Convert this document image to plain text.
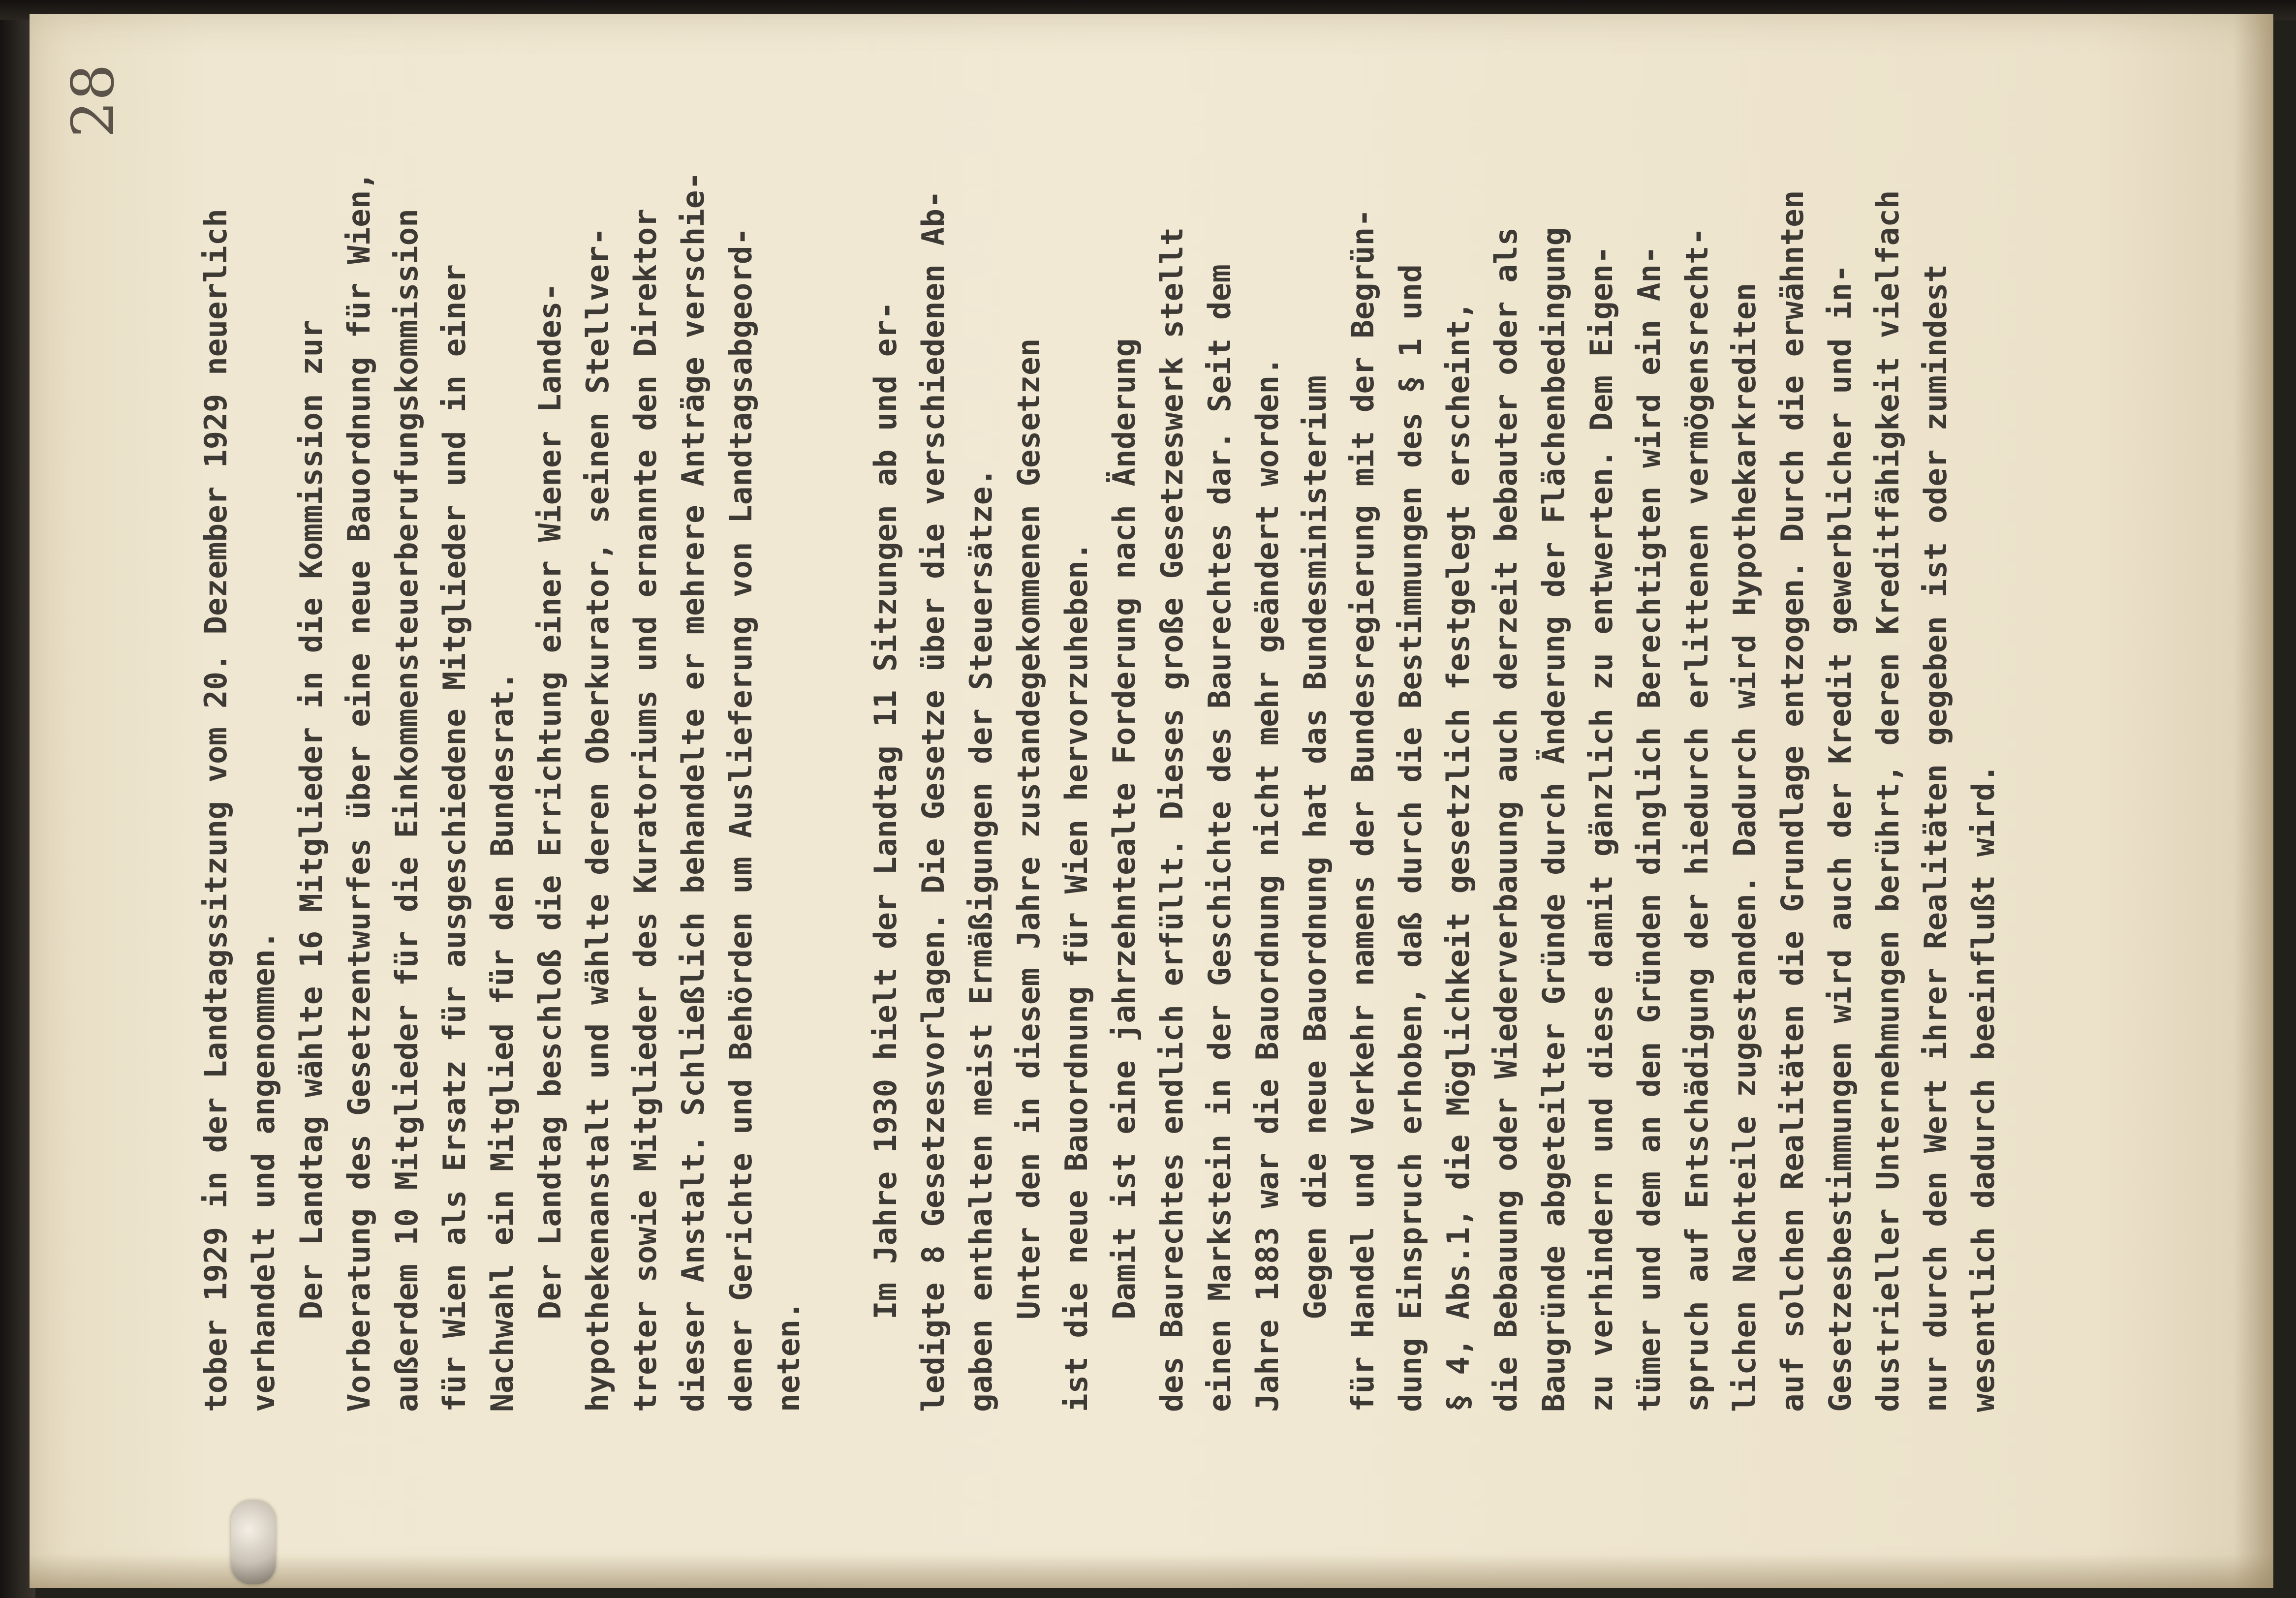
28
tober 1929 in der Landtagssitzung vom 20. Dezember 1929 neuerlich verhandelt und angenommen. Der Landtag wählte 16 Mitglieder in die Kommission zur Vorberatung des Gesetzentwurfes über eine neue Bauordnung für Wien, außerdem 10 Mitglieder für die Einkommensteuerberufungskommission für Wien als Ersatz für ausgeschiedene Mitglieder und in einer Nachwahl ein Mitglied für den Bundesrat. Der Landtag beschloß die Errichtung einer Wiener Landes- hypothekenanstalt und wählte deren Oberkurator, seinen Stellver- treter sowie Mitglieder des Kuratoriums und ernannte den Direktor dieser Anstalt. Schließlich behandelte er mehrere Anträge verschie- dener Gerichte und Behörden um Auslieferung von Landtagsabgeord- neten. Im Jahre 1930 hielt der Landtag 11 Sitzungen ab und er- ledigte 8 Gesetzesvorlagen. Die Gesetze über die verschiedenen Ab- gaben enthalten meist Ermäßigungen der Steuersätze. Unter den in diesem Jahre zustandegekommenen Gesetzen ist die neue Bauordnung für Wien hervorzuheben. Damit ist eine jahrzehntealte Forderung nach Änderung des Baurechtes endlich erfüllt. Dieses große Gesetzeswerk stellt einen Markstein in der Geschichte des Baurechtes dar. Seit dem Jahre 1883 war die Bauordnung nicht mehr geändert worden. Gegen die neue Bauordnung hat das Bundesministerium für Handel und Verkehr namens der Bundesregierung mit der Begrün- dung Einspruch erhoben, daß durch die Bestimmungen des § 1 und § 4, Abs.1, die Möglichkeit gesetzlich festgelegt erscheint, die Bebauung oder Wiederverbauung auch derzeit bebauter oder als Baugründe abgeteilter Gründe durch Änderung der Flächenbedingung zu verhindern und diese damit gänzlich zu entwerten. Dem Eigen- tümer und dem an den Gründen dinglich Berechtigten wird ein An- spruch auf Entschädigung der hiedurch erlittenen vermögensrecht- lichen Nachteile zugestanden. Dadurch wird Hypothekarkrediten auf solchen Realitäten die Grundlage entzogen. Durch die erwähnten Gesetzesbestimmungen wird auch der Kredit gewerblicher und in- dustrieller Unternehmungen berührt, deren Kreditfähigkeit vielfach nur durch den Wert ihrer Realitäten gegeben ist oder zumindest wesentlich dadurch beeinflußt wird.
